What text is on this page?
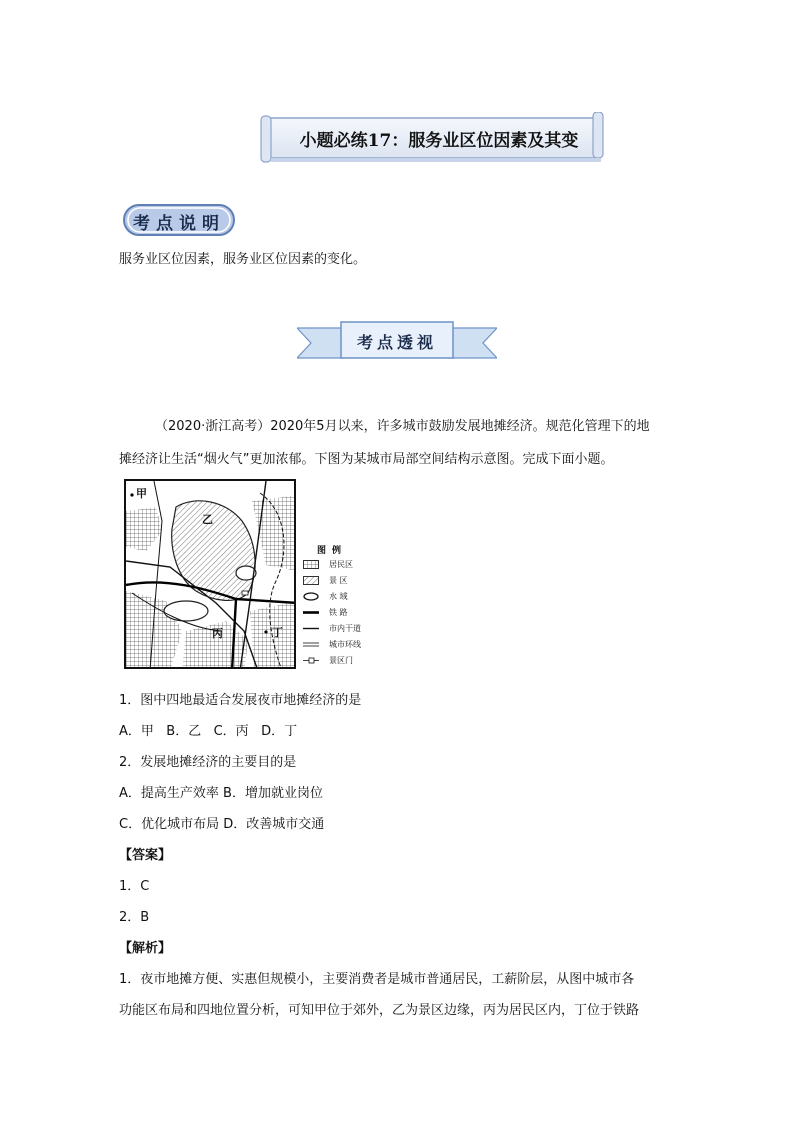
小题必练17：服务业区位因素及其变
考点说明
服务业区位因素，服务业区位因素的变化。
考点透视
（2020·浙江高考）2020年5月以来，许多城市鼓励发展地摊经济。规范化管理下的地
摊经济让生活“烟火气”更加浓郁。下图为某城市局部空间结构示意图。完成下面小题。
甲
乙
丙	丁
图例
居民区
景 区
水 域
铁 路
市内干道
城市环线
景区门
1．图中四地最适合发展夜市地摊经济的是
A．甲   B．乙   C．丙   D．丁
2．发展地摊经济的主要目的是
A．提高生产效率 B．增加就业岗位
C．优化城市布局 D．改善城市交通
【答案】
1．C
2．B
【解析】
1．夜市地摊方便、实惠但规模小，主要消费者是城市普通居民，工薪阶层，从图中城市各
功能区布局和四地位置分析，可知甲位于郊外，乙为景区边缘，丙为居民区内，丁位于铁路
